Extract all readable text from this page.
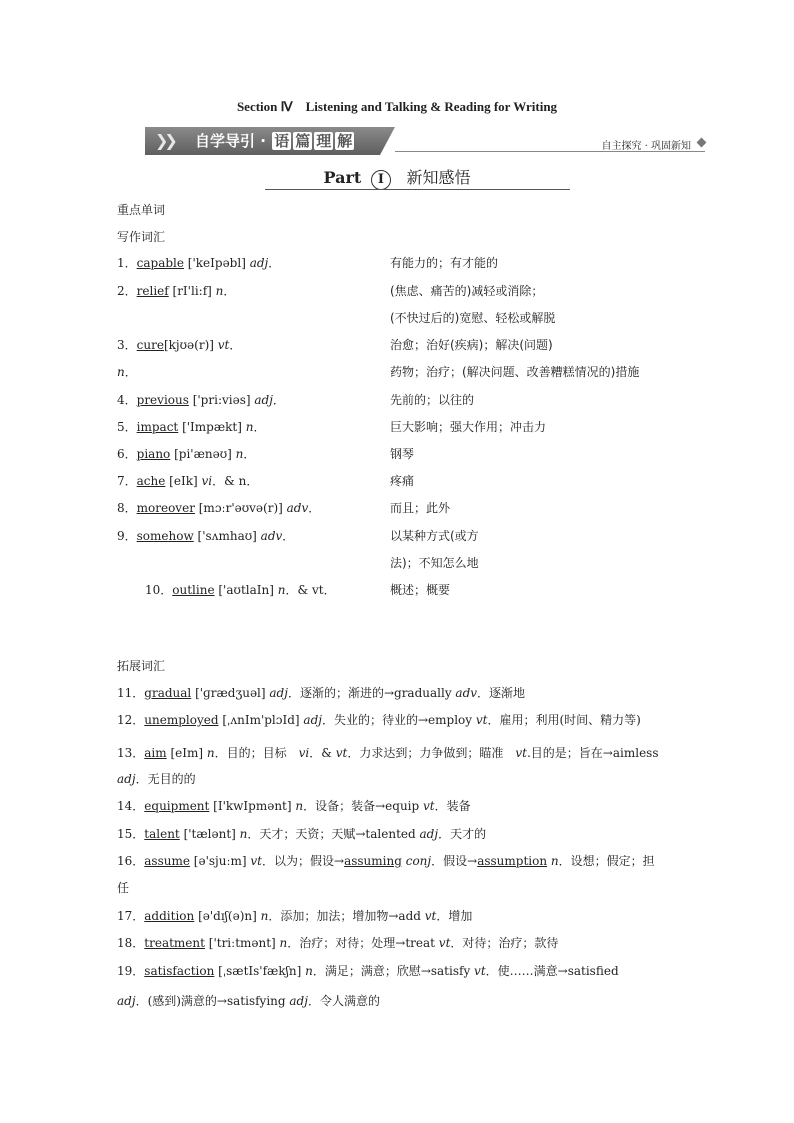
Section Ⅳ　Listening and Talking & Reading for Writing
❯❯ 自学导引 · 语 篇 理 解	自主探究 · 巩固新知
Part Ⅰ 新知感悟
重点单词
写作词汇
1．capable ['keIpəbl] adj．	有能力的；有才能的
2．relief [rI'li:f] n．	(焦虑、痛苦的)减轻或消除；
(不快过后的)宽慰、轻松或解脱
3．cure[kjʊə(r)] vt．	治愈；治好(疾病)；解决(问题)
n．	药物；治疗；(解决问题、改善糟糕情况的)措施
4．previous ['pri:viəs] adj．	先前的；以往的
5．impact ['Impækt] n．	巨大影响；强大作用；冲击力
6．piano [pi'ænəʊ] n．	钢琴
7．ache [eIk] vi．& n．	疼痛
8．moreover [mɔːr'əʊvə(r)] adv．	而且；此外
9．somehow ['sʌmhaʊ] adv．	以某种方式(或方
法)；不知怎么地
10．outline ['aʊtlaIn] n．& vt．	概述；概要
拓展词汇
11．gradual ['ɡrædʒuəl] adj．逐渐的；渐进的→gradually adv．逐渐地
12．unemployed [ˌʌnIm'plɔId] adj．失业的；待业的→employ vt．雇用；利用(时间、精力等)
13．aim [eIm] n．目的；目标　vi．& vt．力求达到；力争做到；瞄准　vt.目的是；旨在→aimless
adj．无目的的
14．equipment [I'kwIpmənt] n．设备；装备→equip vt．装备
15．talent ['tælənt] n．天才；天资；天赋→talented adj．天才的
16．assume [ə'sjuːm] vt．以为；假设→assuming conj．假设→assumption n．设想；假定；担
任
17．addition [ə'dɪʃ(ə)n] n．添加；加法；增加物→add vt．增加
18．treatment ['triːtmənt] n．治疗；对待；处理→treat vt．对待；治疗；款待
19．satisfaction [ˌsætIs'fækʃn] n．满足；满意；欣慰→satisfy vt．使……满意→satisfied
adj．(感到)满意的→satisfying adj．令人满意的
